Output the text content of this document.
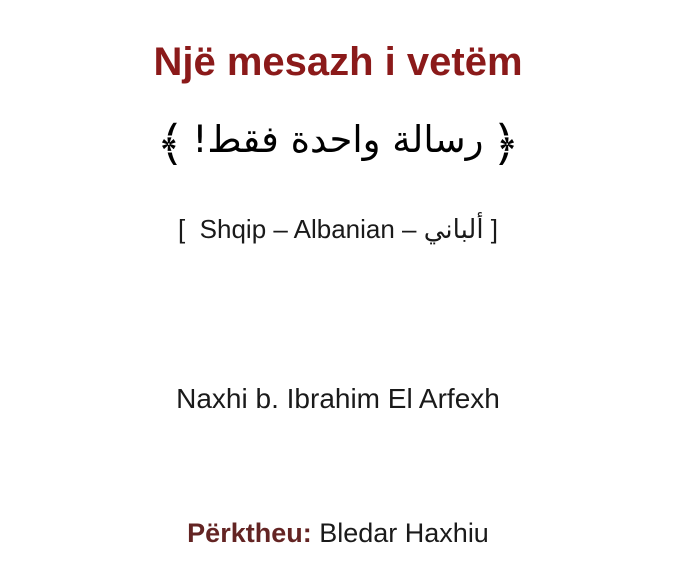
Një mesazh i vetëm

﴿رسالة واحدة فقط!﴾

[  Shqip – Albanian – ألباني ]

Naxhi b. Ibrahim El Arfexh

Përktheu: Bledar Haxhiu
